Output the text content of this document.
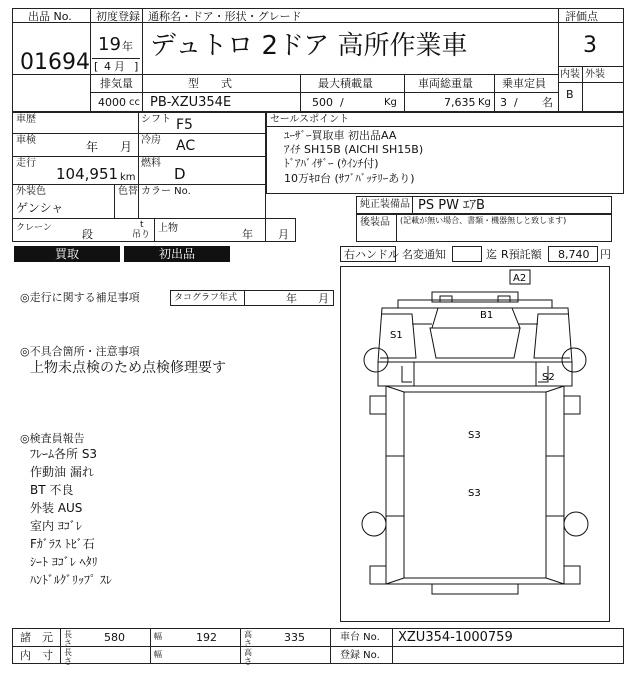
出品 No.
01694
初度登録 通称名・ドア・形状・グレード	評価点
19 年
[ 4 月 ]
デュトロ 2ドア 高所作業車	3
内装 外装
B
排気量	型　　式	最大積載量	車両総重量	乗車定員
4000 cc PB-XZU354E	500 /	Kg	7,635 Kg 3 / 名
車歴	シフト F5
車検	年 月 冷房 AC
走行
104,951 km
燃料
D
外装色
ゲンシャ
色替 カラー No.
クレーン	段
t
吊り
上物	年 月
セールスポイント
ﾕｰｻﾞｰ買取車 初出品AA
ｱｲﾁ SH15B (AICHI SH15B)
ﾄﾞｱﾊﾞｲｻﾞｰ (ｳｲﾝﾁ付)
10万ｷﾛ台 (ｻﾌﾞﾊﾞｯﾃﾘｰあり)
純正装備品 PS PW ｴｱB
後装品 (記載が無い場合、書類・機器無しと致します)
買取	初出品	右ハンドル 名変通知	迄 R預託額 8,740 円
◎走行に関する補足事項	タコグラフ年式	年 月
◎不具合箇所・注意事項
上物未点検のため点検修理要す
◎検査員報告
ﾌﾚｰﾑ各所 S3
作動油 漏れ
BT 不良
外装 AUS
室内 ﾖｺﾞﾚ
Fｶﾞﾗｽ ﾄﾋﾞ石
ｼｰﾄ ﾖｺﾞﾚ ﾍﾀﾘ
ﾊﾝﾄﾞﾙｸﾞﾘｯﾌﾟ ｽﾚ
A2
B1
S1
S2
S3
S3
諸　元 長さ	580	幅	192	高さ	335	車台 No. XZU354-1000759
内　寸 長さ
幅	高さ
登録 No.
